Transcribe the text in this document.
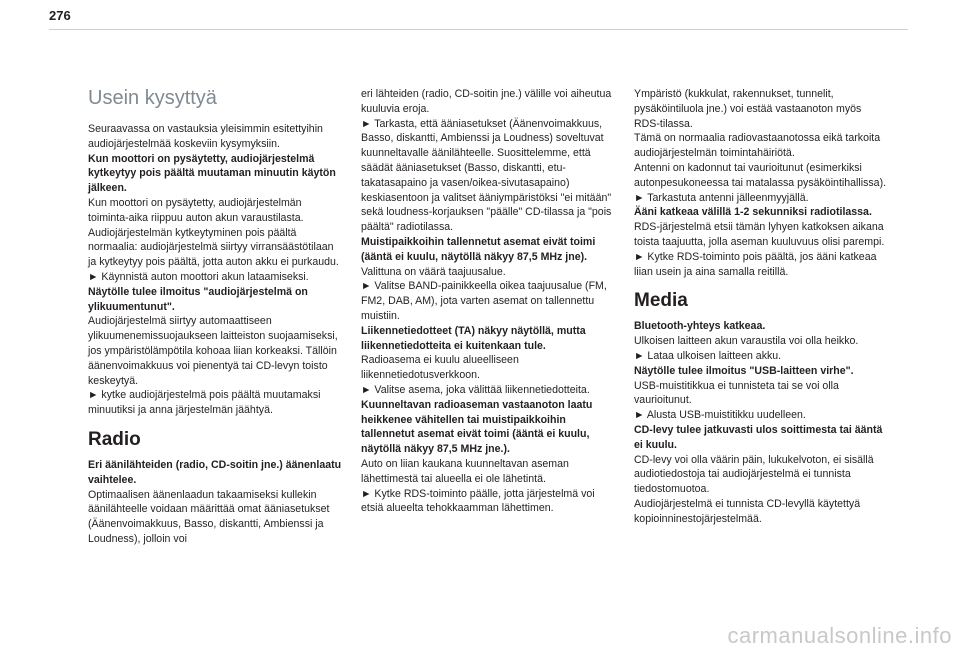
276
Usein kysyttyä

Seuraavassa on vastauksia yleisimmin esitettyihin audiojärjestelmää koskeviin kysymyksiin.

Kun moottori on pysäytetty, audiojärjestelmä kytkeytyy pois päältä muutaman minuutin käytön jälkeen.

Kun moottori on pysäytetty, audiojärjestelmän toiminta-aika riippuu auton akun varaustilasta.

Audiojärjestelmän kytkeytyminen pois päältä normaalia: audiojärjestelmä siirtyy virransäästötilaan ja kytkeytyy pois päältä, jotta auton akku ei purkaudu.

► Käynnistä auton moottori akun lataamiseksi.

Näytölle tulee ilmoitus "audiojärjestelmä on ylikuumentunut".

Audiojärjestelmä siirtyy automaattiseen ylikuumenemissuojaukseen laitteiston suojaamiseksi, jos ympäristölämpötila kohoaa liian korkeaksi. Tällöin äänenvoimakkuus voi pienentyä tai CD-levyn toisto keskeytyä.

► kytke audiojärjestelmä pois päältä muutamaksi minuutiksi ja anna järjestelmän jäähtyä.

Radio

Eri äänilähteiden (radio, CD-soitin jne.) äänenlaatu vaihtelee.

Optimaalisen äänenlaadun takaamiseksi kullekin äänilähteelle voidaan määrittää omat ääniasetukset (Äänenvoimakkuus, Basso, diskantti, Ambienssi ja Loudness), jolloin voi

eri lähteiden (radio, CD-soitin jne.) välille voi aiheutua kuuluvia eroja.

► Tarkasta, että ääniasetukset (Äänenvoimakkuus, Basso, diskantti, Ambienssi ja Loudness) soveltuvat kuunneltavalle äänilähteelle. Suosittelemme, että säädät ääniasetukset (Basso, diskantti, etu-takatasapaino ja vasen/oikea-sivutasapaino) keskiasentoon ja valitset ääniympäristöksi "ei mitään" sekä loudness-korjauksen "päälle" CD-tilassa ja "pois päältä" radiotilassa.

Muistipaikkoihin tallennetut asemat eivät toimi (ääntä ei kuulu, näytöllä näkyy 87,5 MHz jne).

Valittuna on väärä taajuusalue.

► Valitse BAND-painikkeella oikea taajuusalue (FM, FM2, DAB, AM), jota varten asemat on tallennettu muistiin.

Liikennetiedotteet (TA) näkyy näytöllä, mutta liikennetiedotteita ei kuitenkaan tule.

Radioasema ei kuulu alueelliseen liikennetiedotusverkkoon.

► Valitse asema, joka välittää liikennetiedotteita.

Kuunneltavan radioaseman vastaanoton laatu heikkenee vähitellen tai muistipaikkoihin tallennetut asemat eivät toimi (ääntä ei kuulu, näytöllä näkyy 87,5 MHz jne.).

Auto on liian kaukana kuunneltavan aseman lähettimestä tai alueella ei ole lähetintä.

► Kytke RDS-toiminto päälle, jotta järjestelmä voi etsiä alueelta tehokkaamman lähettimen.

Ympäristö (kukkulat, rakennukset, tunnelit, pysäköintiluola jne.) voi estää vastaanoton myös RDS-tilassa.

Tämä on normaalia radiovastaanotossa eikä tarkoita audiojärjestelmän toimintahäiriötä.

Antenni on kadonnut tai vaurioitunut (esimerkiksi autonpesukoneessa tai matalassa pysäköintihallissa).

► Tarkastuta antenni jälleenmyyjällä.

Ääni katkeaa välillä 1-2 sekunniksi radiotilassa.

RDS-järjestelmä etsii tämän lyhyen katkoksen aikana toista taajuutta, jolla aseman kuuluvuus olisi parempi.

► Kytke RDS-toiminto pois päältä, jos ääni katkeaa liian usein ja aina samalla reitillä.

Media

Bluetooth-yhteys katkeaa.

Ulkoisen laitteen akun varaustila voi olla heikko.

► Lataa ulkoisen laitteen akku.

Näytölle tulee ilmoitus "USB-laitteen virhe".

USB-muistitikkua ei tunnisteta tai se voi olla vaurioitunut.

► Alusta USB-muistitikku uudelleen.

CD-levy tulee jatkuvasti ulos soittimesta tai ääntä ei kuulu.

CD-levy voi olla väärin päin, lukukelvoton, ei sisällä audiotiedostoja tai audiojärjestelmä ei tunnista tiedostomuotoa.

Audiojärjestelmä ei tunnista CD-levyllä käytettyä kopioinninestojärjestelmää.

carmanualsonline.info
